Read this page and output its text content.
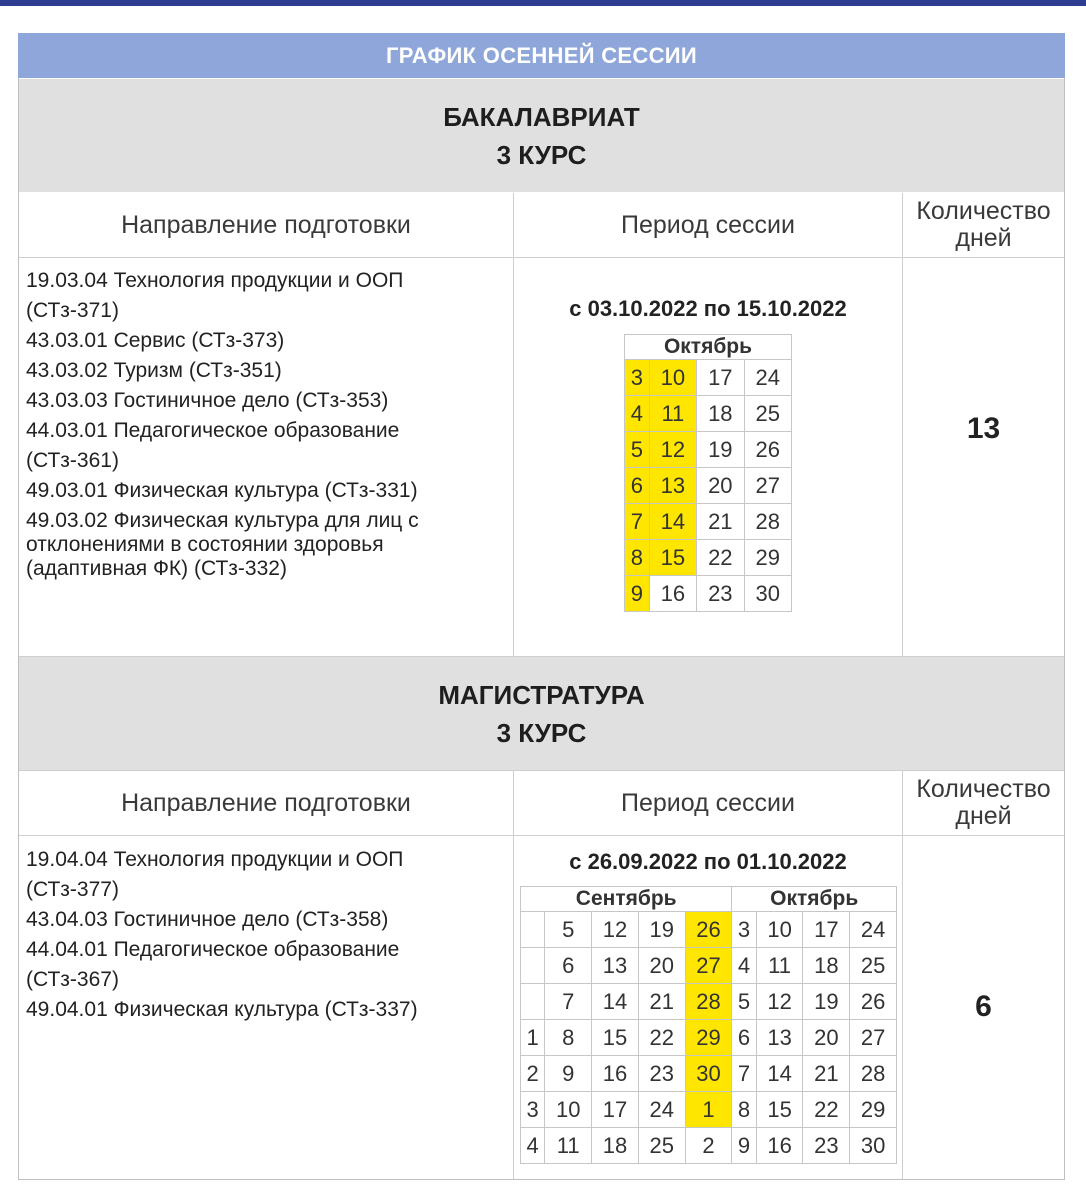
ГРАФИК ОСЕННЕЙ СЕССИИ
БАКАЛАВРИАТ
3 КУРС
Направление подготовки	Период сессии	Количество дней
19.03.04 Технология продукции и ООП
(СТз-371)
43.03.01 Сервис (СТз-373)
43.03.02 Туризм (СТз-351)
43.03.03 Гостиничное дело (СТз-353)
44.03.01 Педагогическое образование
(СТз-361)
49.03.01 Физическая культура (СТз-331)
49.03.02 Физическая культура для лиц с отклонениями в состоянии здоровья (адаптивная ФК) (СТз-332)
с 03.10.2022 по 15.10.2022
Октябрь			
3	10	17	24
4	11	18	25
5	12	19	26
6	13	20	27
7	14	21	28
8	15	22	29
9	16	23	30
13
МАГИСТРАТУРА
3 КУРС
Направление подготовки	Период сессии	Количество дней
19.04.04 Технология продукции и ООП
(СТз-377)
43.04.03 Гостиничное дело (СТз-358)
44.04.01 Педагогическое образование
(СТз-367)
49.04.01 Физическая культура (СТз-337)
с 26.09.2022 по 01.10.2022
Сентябрь					Октябрь			
	5	12	19	26	3	10	17	24
	6	13	20	27	4	11	18	25
	7	14	21	28	5	12	19	26
1	8	15	22	29	6	13	20	27
2	9	16	23	30	7	14	21	28
3	10	17	24	1	8	15	22	29
4	11	18	25	2	9	16	23	30
6
